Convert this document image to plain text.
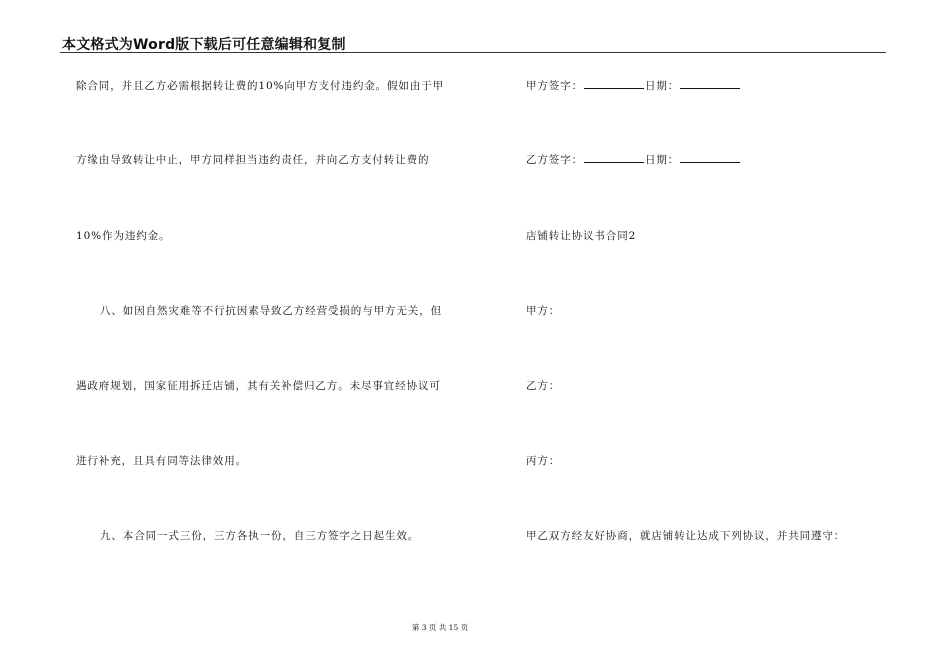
本文格式为Word版下载后可任意编辑和复制
除合同，并且乙方必需根据转让费的10%向甲方支付违约金。假如由于甲
方缘由导致转让中止，甲方同样担当违约责任，并向乙方支付转让费的
10%作为违约金。
八、如因自然灾难等不行抗因素导致乙方经营受损的与甲方无关，但
遇政府规划，国家征用拆迁店铺，其有关补偿归乙方。未尽事宜经协议可
进行补充，且具有同等法律效用。
九、本合同一式三份，三方各执一份，自三方签字之日起生效。
甲方签字：	日期：
乙方签字：	日期：
店铺转让协议书合同2
甲方：
乙方：
丙方：
甲乙双方经友好协商，就店铺转让达成下列协议，并共同遵守：
第 3 页 共 15 页
